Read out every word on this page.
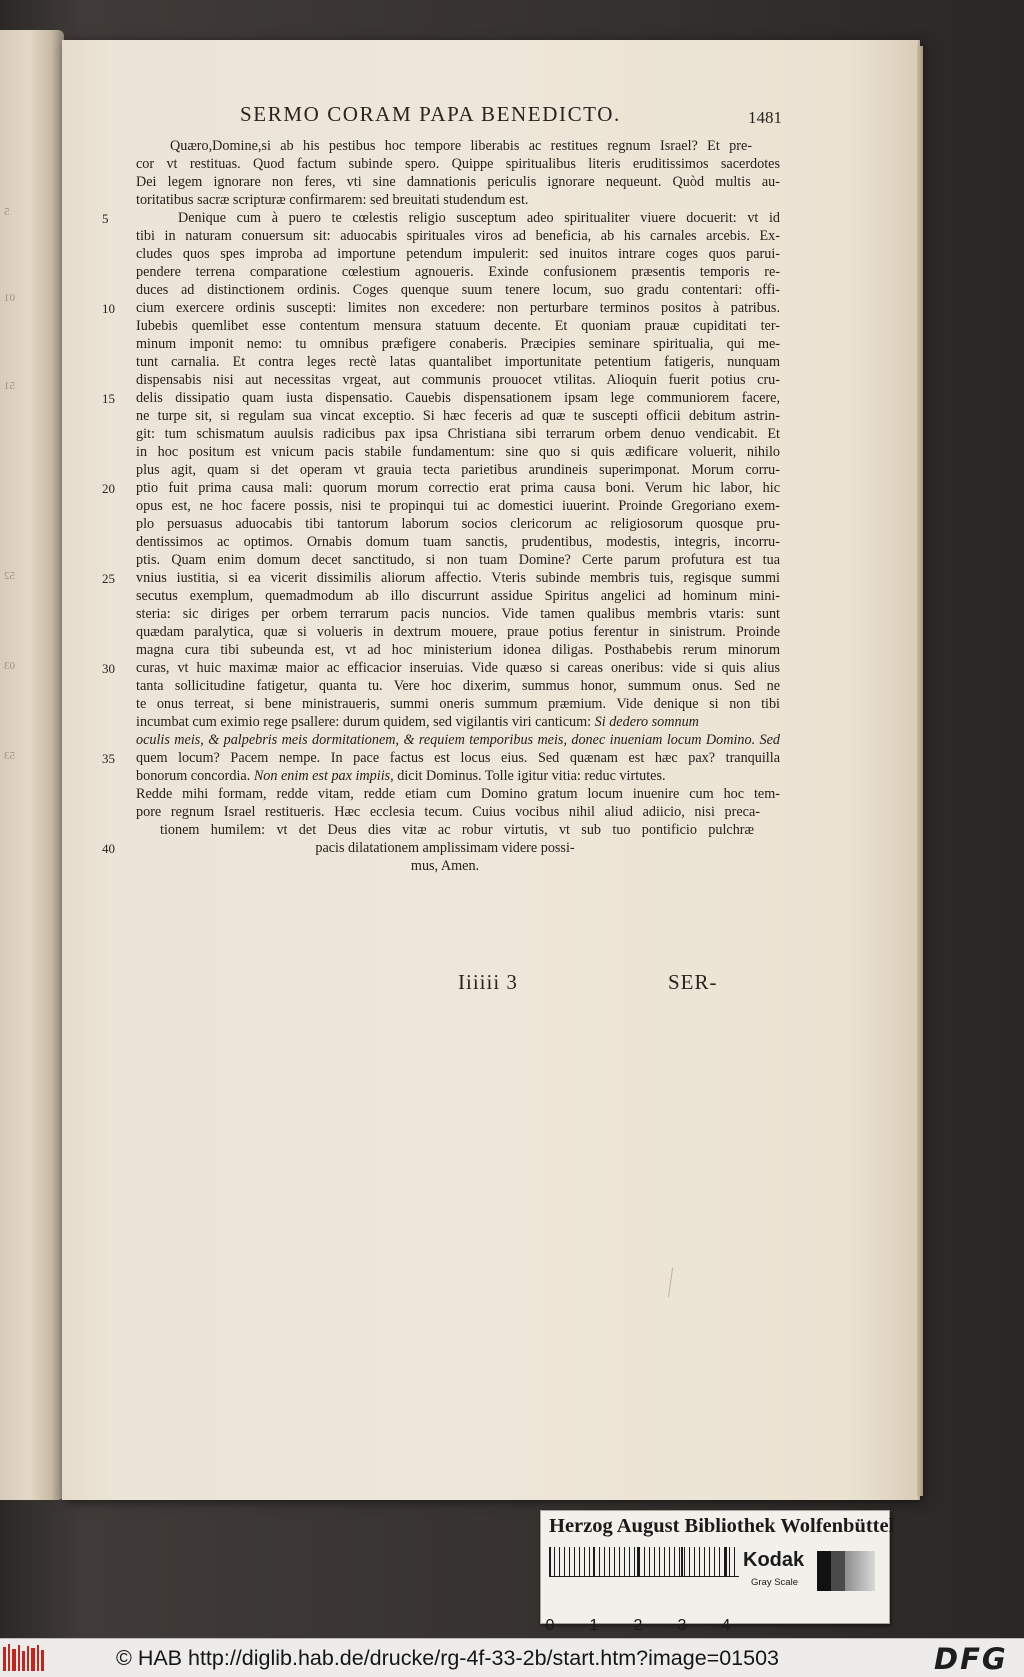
5
01
51
52
03
53
SERMO CORAM PAPA BENEDICTO.	1481
Quæro,Domine,si ab his pestibus hoc tempore liberabis ac restitues regnum Israel? Et pre-
cor vt restituas. Quod factum subinde spero. Quippe spiritualibus literis eruditissimos sacerdotes
Dei legem ignorare non feres, vti sine damnationis periculis ignorare nequeunt. Quòd multis au-
toritatibus sacræ scripturæ confirmarem: sed breuitati studendum est.
Denique cum à puero te cœlestis religio susceptum adeo spiritualiter viuere docuerit: vt id
tibi in naturam conuersum sit: aduocabis spirituales viros ad beneficia, ab his carnales arcebis. Ex-
cludes quos spes improba ad importune petendum impulerit: sed inuitos intrare coges quos parui-
pendere terrena comparatione cœlestium agnoueris. Exinde confusionem præsentis temporis re-
duces ad distinctionem ordinis. Coges quenque suum tenere locum, suo gradu contentari: offi-
cium exercere ordinis suscepti: limites non excedere: non perturbare terminos positos à patribus.
Iubebis quemlibet esse contentum mensura statuum decente. Et quoniam prauæ cupiditati ter-
minum imponit nemo: tu omnibus præfigere conaberis. Præcipies seminare spiritualia, qui me-
tunt carnalia. Et contra leges rectè latas quantalibet importunitate petentium fatigeris, nunquam
dispensabis nisi aut necessitas vrgeat, aut communis prouocet vtilitas. Alioquin fuerit potius cru-
delis dissipatio quam iusta dispensatio. Cauebis dispensationem ipsam lege communiorem facere,
ne turpe sit, si regulam sua vincat exceptio. Si hæc feceris ad quæ te suscepti officii debitum astrin-
git: tum schismatum auulsis radicibus pax ipsa Christiana sibi terrarum orbem denuo vendicabit. Et
in hoc positum est vnicum pacis stabile fundamentum: sine quo si quis ædificare voluerit, nihilo
plus agit, quam si det operam vt grauia tecta parietibus arundineis superimponat. Morum corru-
ptio fuit prima causa mali: quorum morum correctio erat prima causa boni. Verum hic labor, hic
opus est, ne hoc facere possis, nisi te propinqui tui ac domestici iuuerint. Proinde Gregoriano exem-
plo persuasus aduocabis tibi tantorum laborum socios clericorum ac religiosorum quosque pru-
dentissimos ac optimos. Ornabis domum tuam sanctis, prudentibus, modestis, integris, incorru-
ptis. Quam enim domum decet sanctitudo, si non tuam Domine? Certe parum profutura est tua
vnius iustitia, si ea vicerit dissimilis aliorum affectio. Vteris subinde membris tuis, regisque summi
secutus exemplum, quemadmodum ab illo discurrunt assidue Spiritus angelici ad hominum mini-
steria: sic diriges per orbem terrarum pacis nuncios. Vide tamen qualibus membris vtaris: sunt
quædam paralytica, quæ si volueris in dextrum mouere, praue potius ferentur in sinistrum. Proinde
magna cura tibi subeunda est, vt ad hoc ministerium idonea diligas. Posthabebis rerum minorum
curas, vt huic maximæ maior ac efficacior inseruias. Vide quæso si careas oneribus: vide si quis alius
tanta sollicitudine fatigetur, quanta tu. Vere hoc dixerim, summus honor, summum onus. Sed ne
te onus terreat, si bene ministraueris, summi oneris summum præmium. Vide denique si non tibi
incumbat cum eximio rege psallere: durum quidem, sed vigilantis viri canticum: Si dedero somnum
oculis meis, & palpebris meis dormitationem, & requiem temporibus meis, donec inueniam locum Domino. Sed
quem locum? Pacem nempe. In pace factus est locus eius. Sed quænam est hæc pax? tranquilla
bonorum concordia. Non enim est pax impiis, dicit Dominus. Tolle igitur vitia: reduc virtutes.
Redde mihi formam, redde vitam, redde etiam cum Domino gratum locum inuenire cum hoc tem-
pore regnum Israel restitueris. Hæc ecclesia tecum. Cuius vocibus nihil aliud adiicio, nisi preca-
tionem humilem: vt det Deus dies vitæ ac robur virtutis, vt sub tuo pontificio pulchræ
pacis dilatationem amplissimam videre possi-
mus, Amen.
5
10
15
20
25
30
35
40
Iiiiii 3	SER-
Herzog August Bibliothek Wolfenbüttel
0 1 2 3 4
Kodak
Gray Scale
© HAB http://diglib.hab.de/drucke/rg-4f-33-2b/start.htm?image=01503	DFG
